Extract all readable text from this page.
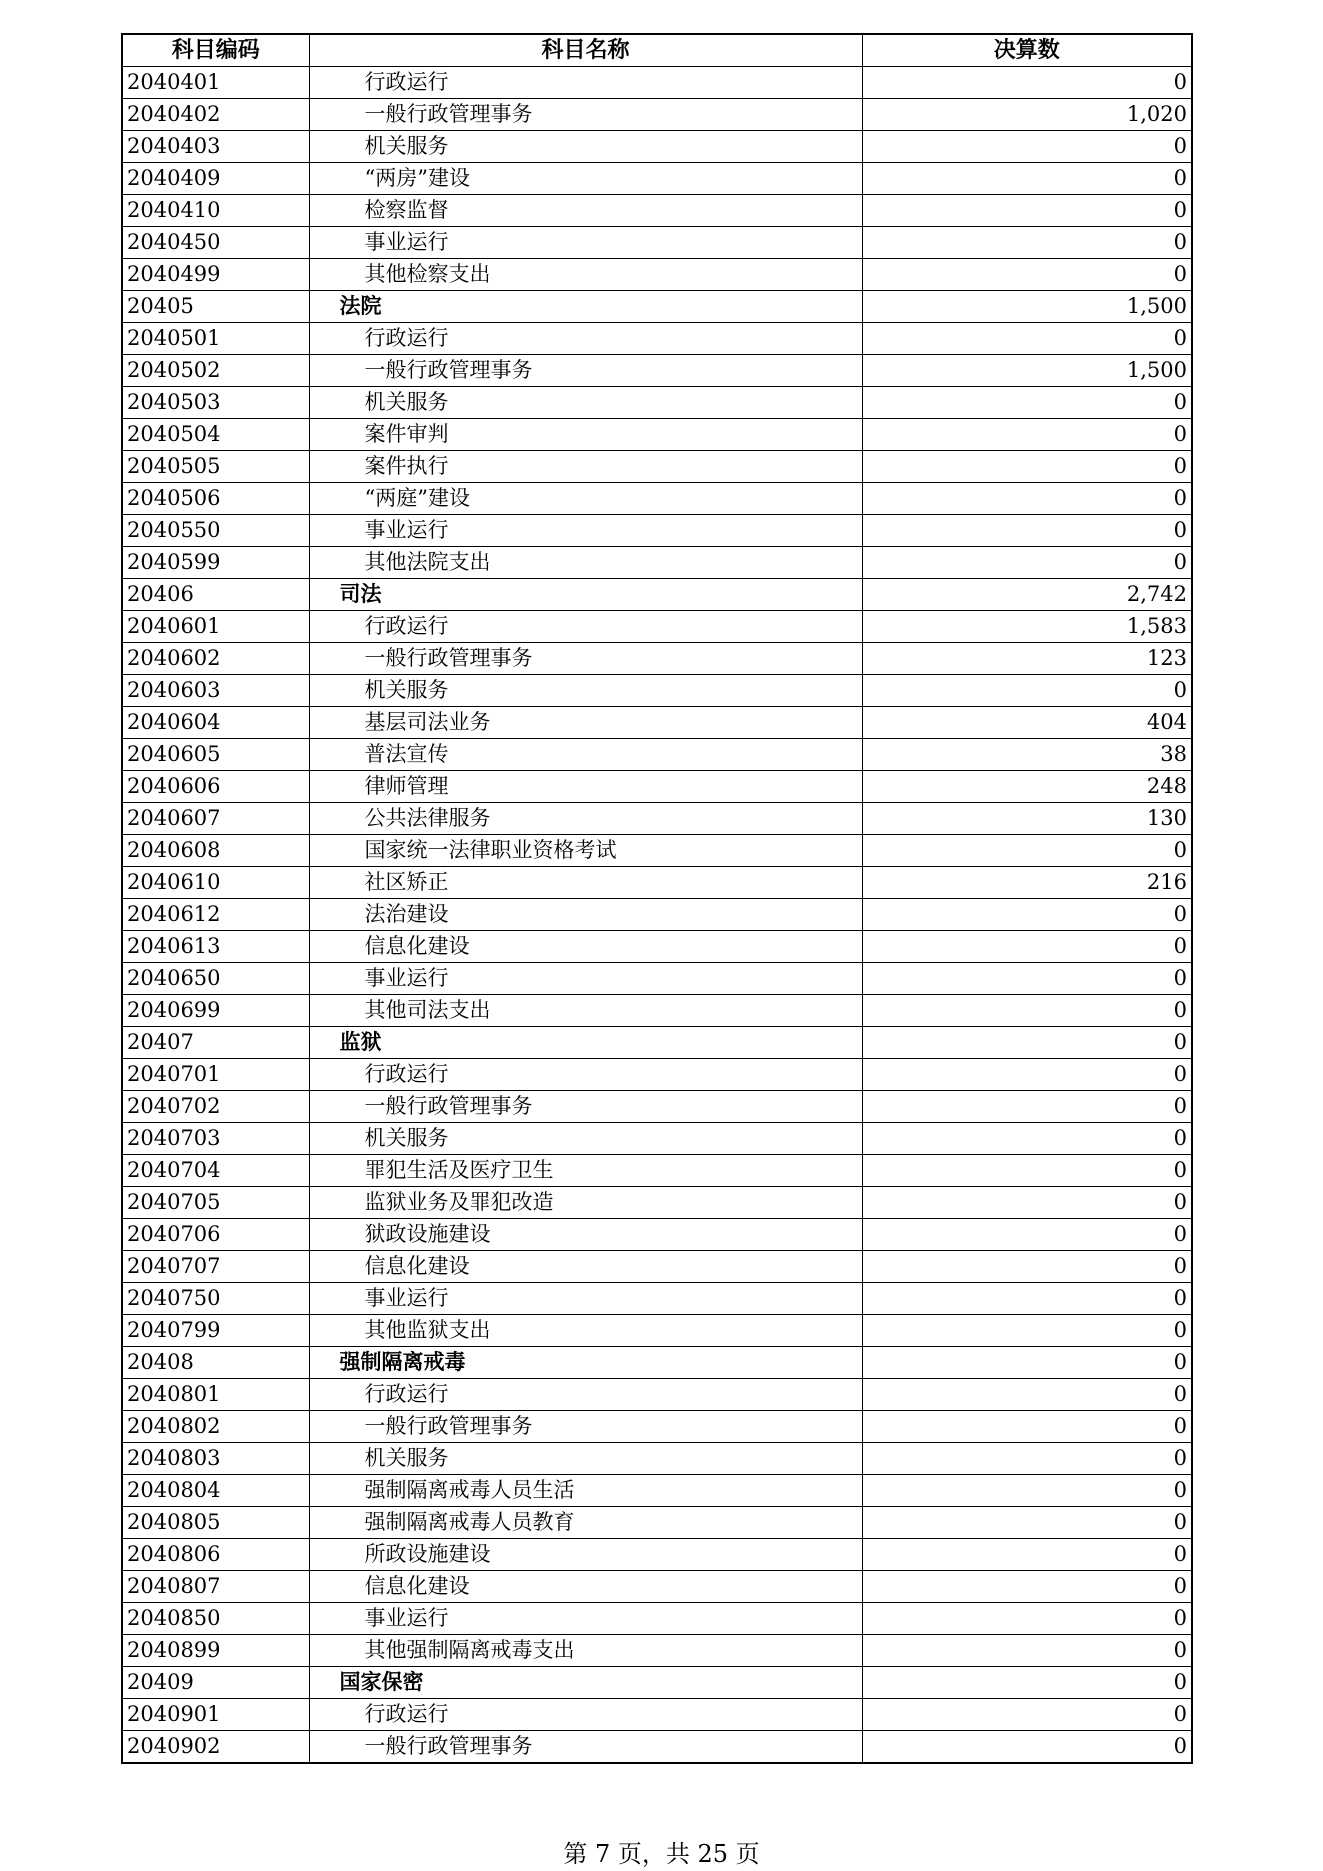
科目编码	科目名称	决算数
2040401	行政运行	0
2040402	一般行政管理事务	1,020
2040403	机关服务	0
2040409	“两房”建设	0
2040410	检察监督	0
2040450	事业运行	0
2040499	其他检察支出	0
20405	法院	1,500
2040501	行政运行	0
2040502	一般行政管理事务	1,500
2040503	机关服务	0
2040504	案件审判	0
2040505	案件执行	0
2040506	“两庭”建设	0
2040550	事业运行	0
2040599	其他法院支出	0
20406	司法	2,742
2040601	行政运行	1,583
2040602	一般行政管理事务	123
2040603	机关服务	0
2040604	基层司法业务	404
2040605	普法宣传	38
2040606	律师管理	248
2040607	公共法律服务	130
2040608	国家统一法律职业资格考试	0
2040610	社区矫正	216
2040612	法治建设	0
2040613	信息化建设	0
2040650	事业运行	0
2040699	其他司法支出	0
20407	监狱	0
2040701	行政运行	0
2040702	一般行政管理事务	0
2040703	机关服务	0
2040704	罪犯生活及医疗卫生	0
2040705	监狱业务及罪犯改造	0
2040706	狱政设施建设	0
2040707	信息化建设	0
2040750	事业运行	0
2040799	其他监狱支出	0
20408	强制隔离戒毒	0
2040801	行政运行	0
2040802	一般行政管理事务	0
2040803	机关服务	0
2040804	强制隔离戒毒人员生活	0
2040805	强制隔离戒毒人员教育	0
2040806	所政设施建设	0
2040807	信息化建设	0
2040850	事业运行	0
2040899	其他强制隔离戒毒支出	0
20409	国家保密	0
2040901	行政运行	0
2040902	一般行政管理事务	0
第 7 页，共 25 页
